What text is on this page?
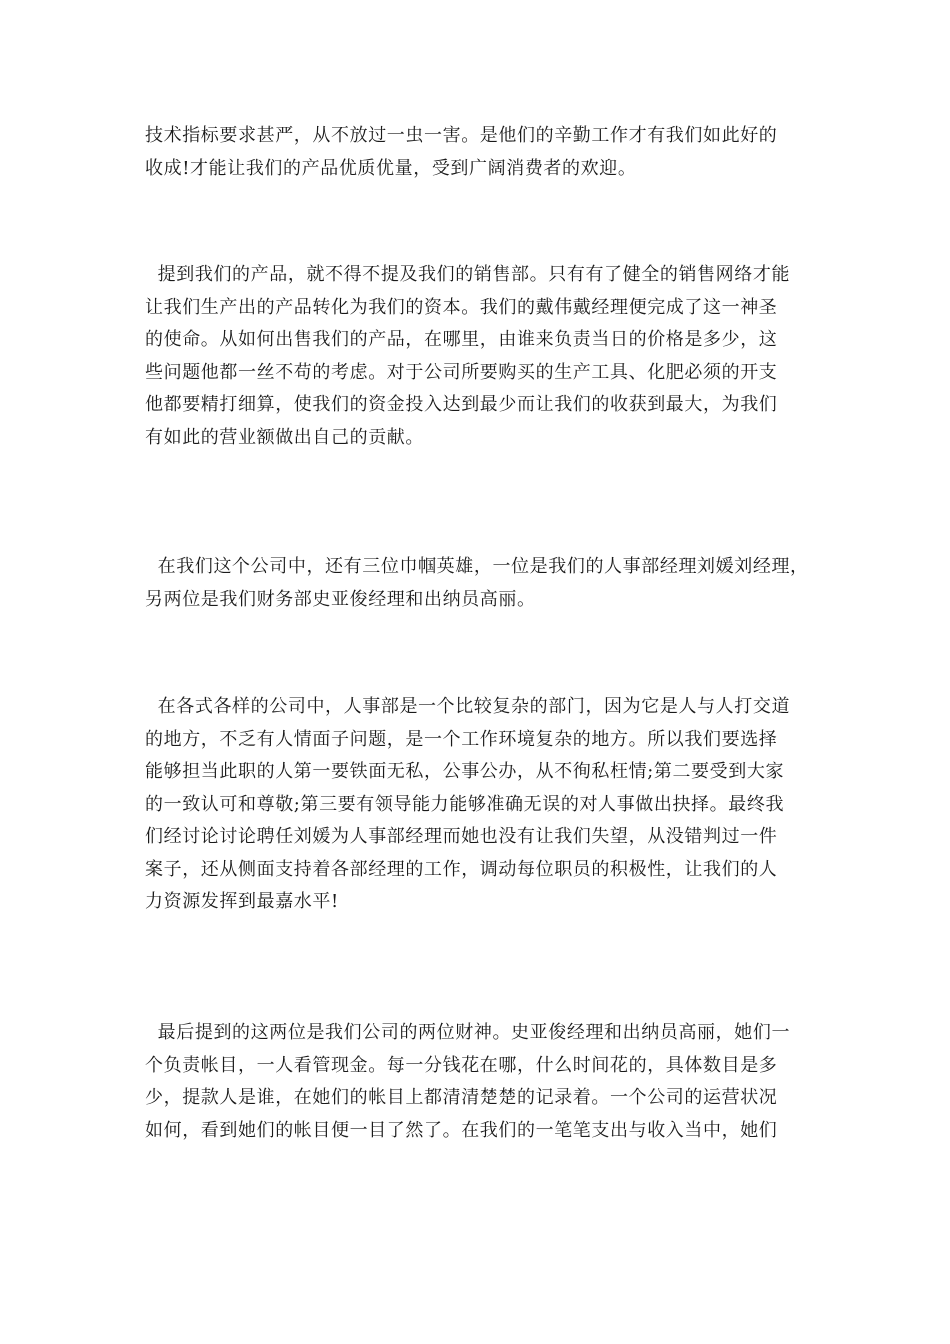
技术指标要求甚严，从不放过一虫一害。是他们的辛勤工作才有我们如此好的
收成!才能让我们的产品优质优量，受到广阔消费者的欢迎。
提到我们的产品，就不得不提及我们的销售部。只有有了健全的销售网络才能
让我们生产出的产品转化为我们的资本。我们的戴伟戴经理便完成了这一神圣
的使命。从如何出售我们的产品，在哪里，由谁来负责当日的价格是多少，这
些问题他都一丝不苟的考虑。对于公司所要购买的生产工具、化肥必须的开支
他都要精打细算，使我们的资金投入达到最少而让我们的收获到最大，为我们
有如此的营业额做出自己的贡献。
在我们这个公司中，还有三位巾帼英雄，一位是我们的人事部经理刘媛刘经理，
另两位是我们财务部史亚俊经理和出纳员高丽。
在各式各样的公司中，人事部是一个比较复杂的部门，因为它是人与人打交道
的地方，不乏有人情面子问题，是一个工作环境复杂的地方。所以我们要选择
能够担当此职的人第一要铁面无私，公事公办，从不徇私枉情;第二要受到大家
的一致认可和尊敬;第三要有领导能力能够准确无误的对人事做出抉择。最终我
们经讨论讨论聘任刘媛为人事部经理而她也没有让我们失望，从没错判过一件
案子，还从侧面支持着各部经理的工作，调动每位职员的积极性，让我们的人
力资源发挥到最嘉水平!
最后提到的这两位是我们公司的两位财神。史亚俊经理和出纳员高丽，她们一
个负责帐目，一人看管现金。每一分钱花在哪，什么时间花的，具体数目是多
少，提款人是谁，在她们的帐目上都清清楚楚的记录着。一个公司的运营状况
如何，看到她们的帐目便一目了然了。在我们的一笔笔支出与收入当中，她们
